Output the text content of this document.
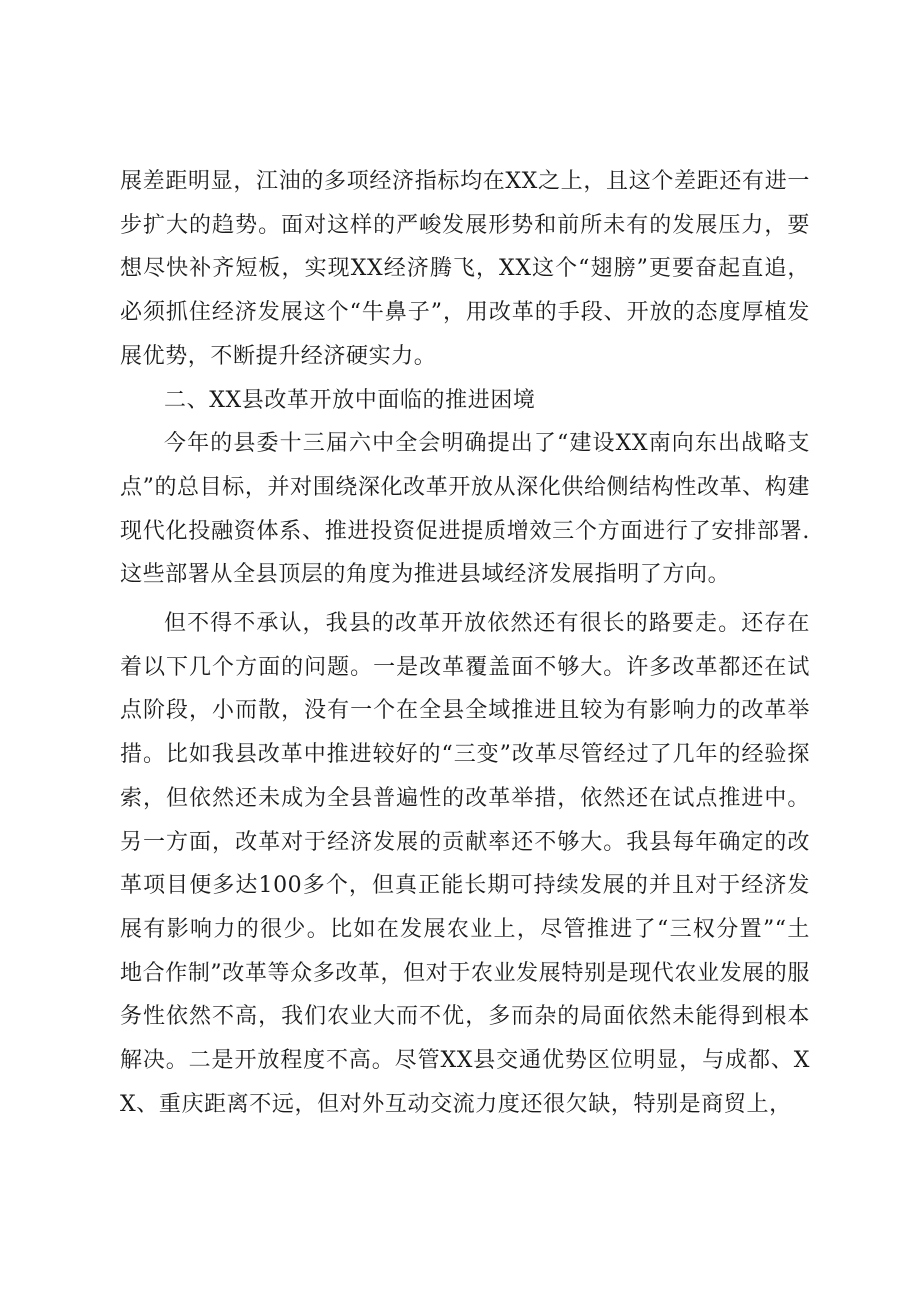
展差距明显，江油的多项经济指标均在XX之上，且这个差距还有进一步扩大的趋势。面对这样的严峻发展形势和前所未有的发展压力，要想尽快补齐短板，实现XX经济腾飞，XX这个“翅膀”更要奋起直追，必须抓住经济发展这个“牛鼻子”，用改革的手段、开放的态度厚植发展优势，不断提升经济硬实力。

二、XX县改革开放中面临的推进困境

今年的县委十三届六中全会明确提出了“建设XX南向东出战略支点”的总目标，并对围绕深化改革开放从深化供给侧结构性改革、构建现代化投融资体系、推进投资促进提质增效三个方面进行了安排部署.这些部署从全县顶层的角度为推进县域经济发展指明了方向。

但不得不承认，我县的改革开放依然还有很长的路要走。还存在着以下几个方面的问题。一是改革覆盖面不够大。许多改革都还在试点阶段，小而散，没有一个在全县全域推进且较为有影响力的改革举措。比如我县改革中推进较好的“三变”改革尽管经过了几年的经验探索，但依然还未成为全县普遍性的改革举措，依然还在试点推进中。另一方面，改革对于经济发展的贡献率还不够大。我县每年确定的改革项目便多达100多个，但真正能长期可持续发展的并且对于经济发展有影响力的很少。比如在发展农业上，尽管推进了“三权分置”“土地合作制”改革等众多改革，但对于农业发展特别是现代农业发展的服务性依然不高，我们农业大而不优，多而杂的局面依然未能得到根本解决。二是开放程度不高。尽管XX县交通优势区位明显，与成都、XX、重庆距离不远，但对外互动交流力度还很欠缺，特别是商贸上，
